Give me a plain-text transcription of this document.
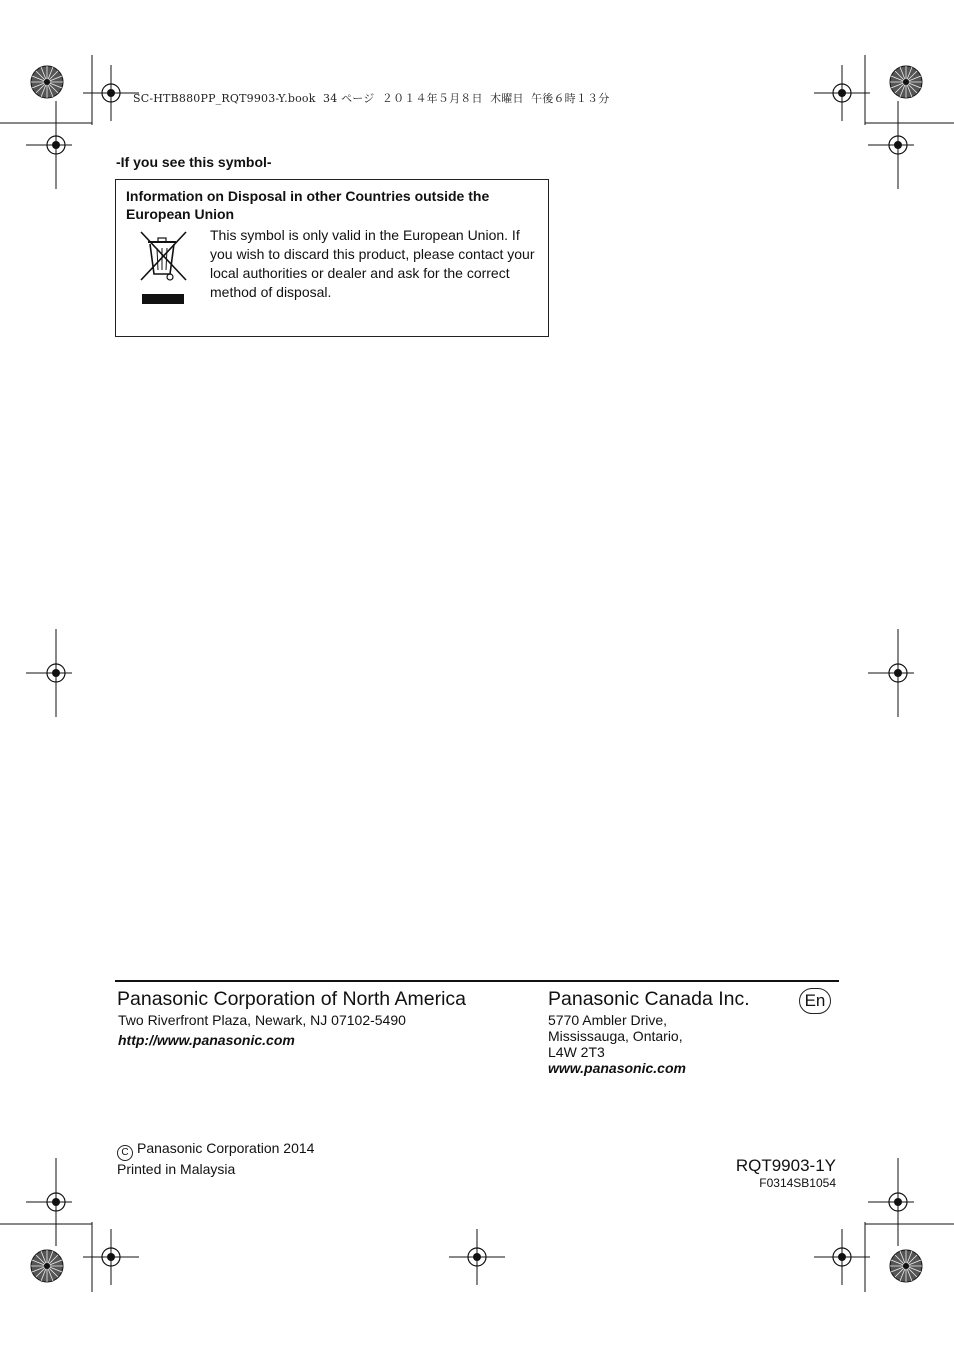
SC-HTB880PP_RQT9903-Y.book  34 ページ  ２０１４年５月８日  木曜日  午後６時１３分
-If you see this symbol-
Information on Disposal in other Countries outside the European Union
This symbol is only valid in the European Union. If you wish to discard this product, please contact your local authorities or dealer and ask for the correct method of disposal.
Panasonic Corporation of North America
Two Riverfront Plaza, Newark, NJ 07102-5490
http://www.panasonic.com
Panasonic Canada Inc.
5770 Ambler Drive,
Mississauga, Ontario,
L4W 2T3
www.panasonic.com
En
C Panasonic Corporation 2014
Printed in Malaysia	RQT9903-1Y
F0314SB1054
